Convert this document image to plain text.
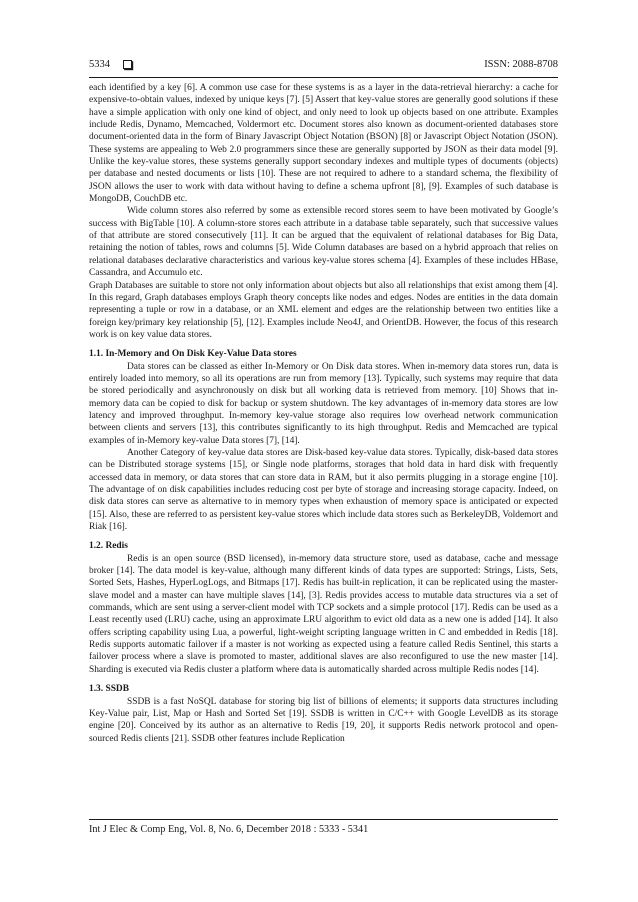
5334	ISSN: 2088-8708

each identified by a key [6]. A common use case for these systems is as a layer in the data-retrieval hierarchy: a cache for expensive-to-obtain values, indexed by unique keys [7]. [5] Assert that key-value stores are generally good solutions if these have a simple application with only one kind of object, and only need to look up objects based on one attribute. Examples include Redis, Dynamo, Memcached, Voldermort etc. Document stores also known as document-oriented databases store document-oriented data in the form of Binary Javascript Object Notation (BSON) [8] or Javascript Object Notation (JSON). These systems are appealing to Web 2.0 programmers since these are generally supported by JSON as their data model [9]. Unlike the key-value stores, these systems generally support secondary indexes and multiple types of documents (objects) per database and nested documents or lists [10]. These are not required to adhere to a standard schema, the flexibility of JSON allows the user to work with data without having to define a schema upfront [8], [9]. Examples of such database is MongoDB, CouchDB etc.

Wide column stores also referred by some as extensible record stores seem to have been motivated by Google’s success with BigTable [10]. A column-store stores each attribute in a database table separately, such that successive values of that attribute are stored consecutively [11]. It can be argued that the equivalent of relational databases for Big Data, retaining the notion of tables, rows and columns [5]. Wide Column databases are based on a hybrid approach that relies on relational databases declarative characteristics and various key-value stores schema [4]. Examples of these includes HBase, Cassandra, and Accumulo etc.

Graph Databases are suitable to store not only information about objects but also all relationships that exist among them [4]. In this regard, Graph databases employs Graph theory concepts like nodes and edges. Nodes are entities in the data domain representing a tuple or row in a database, or an XML element and edges are the relationship between two entities like a foreign key/primary key relationship [5], [12]. Examples include Neo4J, and OrientDB. However, the focus of this research work is on key value data stores.

1.1. In-Memory and On Disk Key-Value Data stores

Data stores can be classed as either In-Memory or On Disk data stores. When in-memory data stores run, data is entirely loaded into memory, so all its operations are run from memory [13]. Typically, such systems may require that data be stored periodically and asynchronously on disk but all working data is retrieved from memory. [10] Shows that in-memory data can be copied to disk for backup or system shutdown. The key advantages of in-memory data stores are low latency and improved throughput. In-memory key-value storage also requires low overhead network communication between clients and servers [13], this contributes significantly to its high throughput. Redis and Memcached are typical examples of in-Memory key-value Data stores [7], [14].

Another Category of key-value data stores are Disk-based key-value data stores. Typically, disk-based data stores can be Distributed storage systems [15], or Single node platforms, storages that hold data in hard disk with frequently accessed data in memory, or data stores that can store data in RAM, but it also permits plugging in a storage engine [10]. The advantage of on disk capabilities includes reducing cost per byte of storage and increasing storage capacity. Indeed, on disk data stores can serve as alternative to in memory types when exhaustion of memory space is anticipated or expected [15]. Also, these are referred to as persistent key-value stores which include data stores such as BerkeleyDB, Voldemort and Riak [16].

1.2. Redis

Redis is an open source (BSD licensed), in-memory data structure store, used as database, cache and message broker [14]. The data model is key-value, although many different kinds of data types are supported: Strings, Lists, Sets, Sorted Sets, Hashes, HyperLogLogs, and Bitmaps [17]. Redis has built-in replication, it can be replicated using the master-slave model and a master can have multiple slaves [14], [3]. Redis provides access to mutable data structures via a set of commands, which are sent using a server-client model with TCP sockets and a simple protocol [17]. Redis can be used as a Least recently used (LRU) cache, using an approximate LRU algorithm to evict old data as a new one is added [14]. It also offers scripting capability using Lua, a powerful, light-weight scripting language written in C and embedded in Redis [18]. Redis supports automatic failover if a master is not working as expected using a feature called Redis Sentinel, this starts a failover process where a slave is promoted to master, additional slaves are also reconfigured to use the new master [14]. Sharding is executed via Redis cluster a platform where data is automatically sharded across multiple Redis nodes [14].

1.3. SSDB

SSDB is a fast NoSQL database for storing big list of billions of elements; it supports data structures including Key-Value pair, List, Map or Hash and Sorted Set [19]. SSDB is written in C/C++ with Google LevelDB as its storage engine [20]. Conceived by its author as an alternative to Redis [19, 20], it supports Redis network protocol and open-sourced Redis clients [21]. SSDB other features include Replication

Int J Elec & Comp Eng, Vol. 8, No. 6, December 2018 : 5333 - 5341
